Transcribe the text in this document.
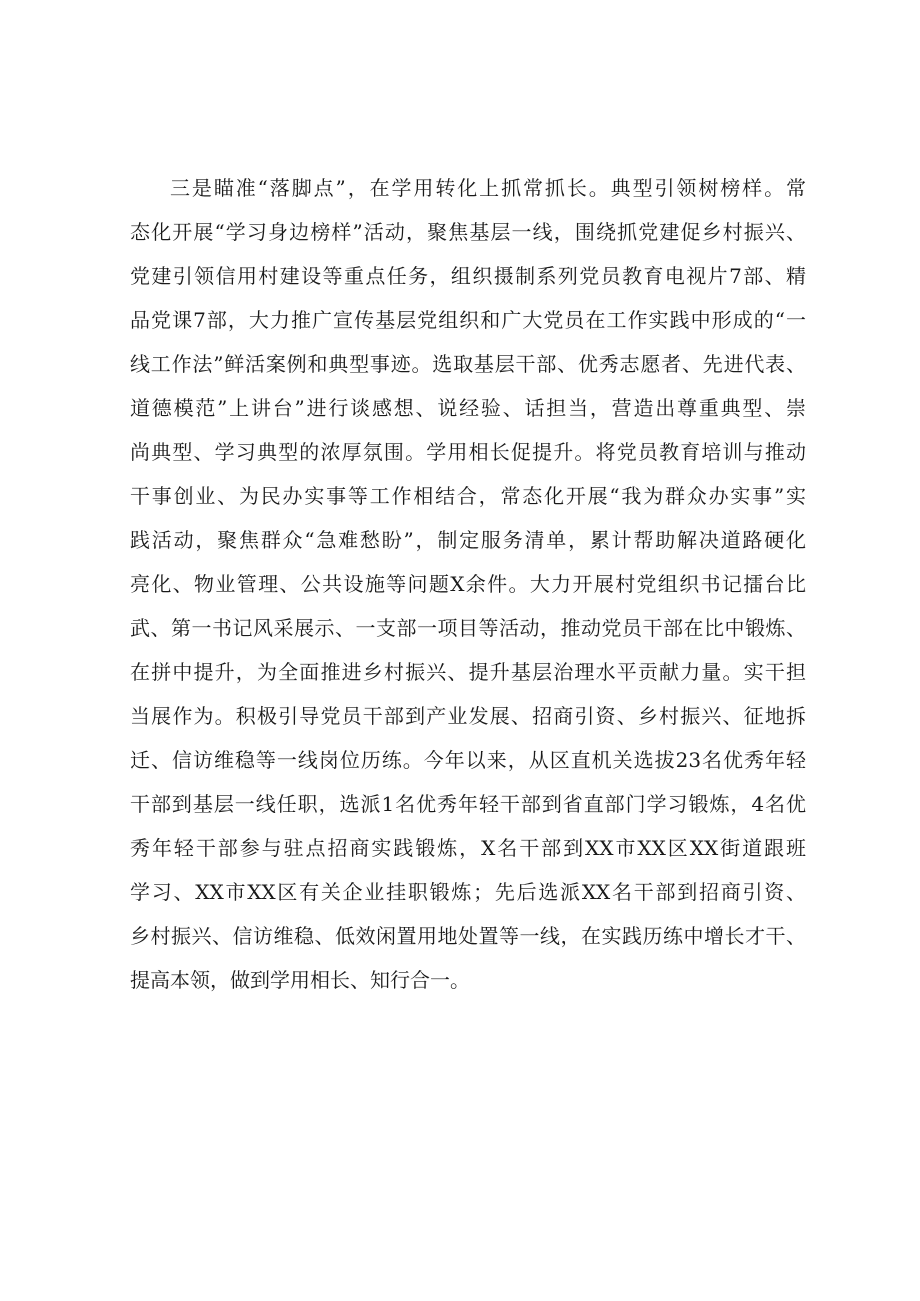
三是瞄准“落脚点”，在学用转化上抓常抓长。典型引领树榜样。常
态化开展“学习身边榜样”活动，聚焦基层一线，围绕抓党建促乡村振兴、
党建引领信用村建设等重点任务，组织摄制系列党员教育电视片7部、精
品党课7部，大力推广宣传基层党组织和广大党员在工作实践中形成的“一
线工作法”鲜活案例和典型事迹。选取基层干部、优秀志愿者、先进代表、
道德模范”上讲台”进行谈感想、说经验、话担当，营造出尊重典型、崇
尚典型、学习典型的浓厚氛围。学用相长促提升。将党员教育培训与推动
干事创业、为民办实事等工作相结合，常态化开展“我为群众办实事”实
践活动，聚焦群众“急难愁盼”，制定服务清单，累计帮助解决道路硬化
亮化、物业管理、公共设施等问题X余件。大力开展村党组织书记擂台比
武、第一书记风采展示、一支部一项目等活动，推动党员干部在比中锻炼、
在拼中提升，为全面推进乡村振兴、提升基层治理水平贡献力量。实干担
当展作为。积极引导党员干部到产业发展、招商引资、乡村振兴、征地拆
迁、信访维稳等一线岗位历练。今年以来，从区直机关选拔23名优秀年轻
干部到基层一线任职，选派1名优秀年轻干部到省直部门学习锻炼，4名优
秀年轻干部参与驻点招商实践锻炼，X名干部到XX市XX区XX街道跟班
学习、XX市XX区有关企业挂职锻炼；先后选派XX名干部到招商引资、
乡村振兴、信访维稳、低效闲置用地处置等一线，在实践历练中增长才干、
提高本领，做到学用相长、知行合一。
